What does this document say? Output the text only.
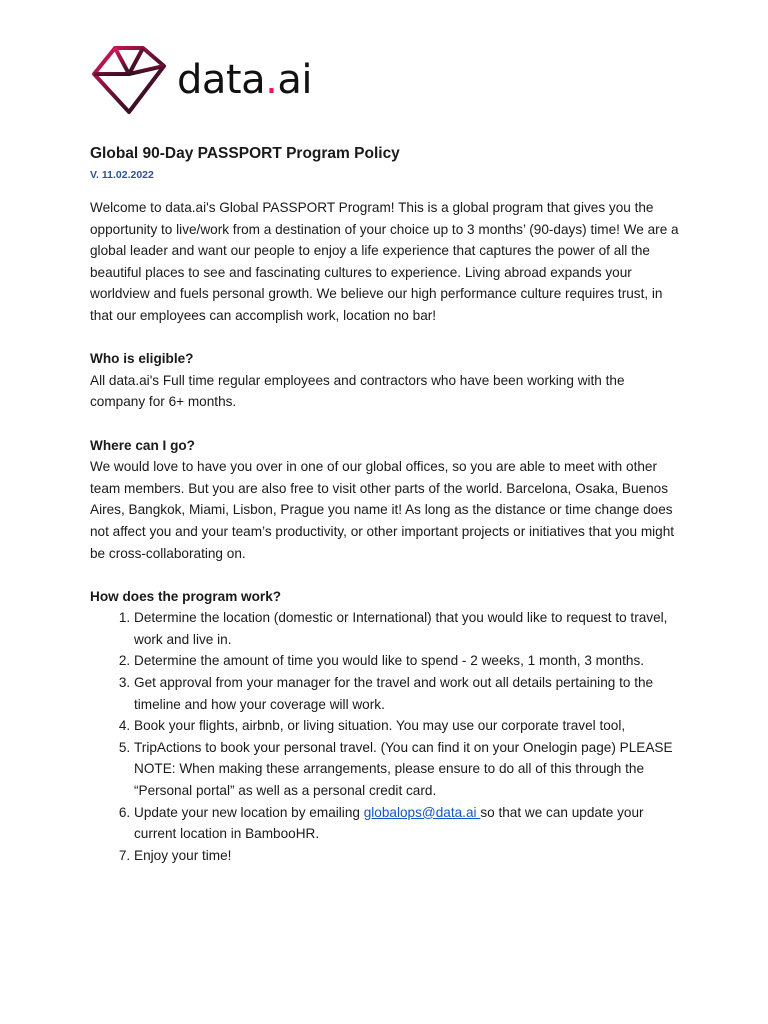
data.ai
Global 90-Day PASSPORT Program Policy
V. 11.02.2022

Welcome to data.ai's Global PASSPORT Program! This is a global program that gives you the opportunity to live/work from a destination of your choice up to 3 months’ (90-days) time! We are a global leader and want our people to enjoy a life experience that captures the power of all the beautiful places to see and fascinating cultures to experience. Living abroad expands your worldview and fuels personal growth. We believe our high performance culture requires trust, in that our employees can accomplish work, location no bar!

Who is eligible?

All data.ai's Full time regular employees and contractors who have been working with the company for 6+ months.

Where can I go?

We would love to have you over in one of our global offices, so you are able to meet with other team members. But you are also free to visit other parts of the world. Barcelona, Osaka, Buenos Aires, Bangkok, Miami, Lisbon, Prague you name it! As long as the distance or time change does not affect you and your team’s productivity, or other important projects or initiatives that you might be cross-collaborating on.

How does the program work?
1. Determine the location (domestic or International) that you would like to request to travel, work and live in.
2. Determine the amount of time you would like to spend - 2 weeks, 1 month, 3 months.
3. Get approval from your manager for the travel and work out all details pertaining to the timeline and how your coverage will work.
4. Book your flights, airbnb, or living situation. You may use our corporate travel tool,
5. TripActions to book your personal travel. (You can find it on your Onelogin page) PLEASE NOTE: When making these arrangements, please ensure to do all of this through the “Personal portal” as well as a personal credit card.
6. Update your new location by emailing globalops@data.ai so that we can update your current location in BambooHR.
7. Enjoy your time!
